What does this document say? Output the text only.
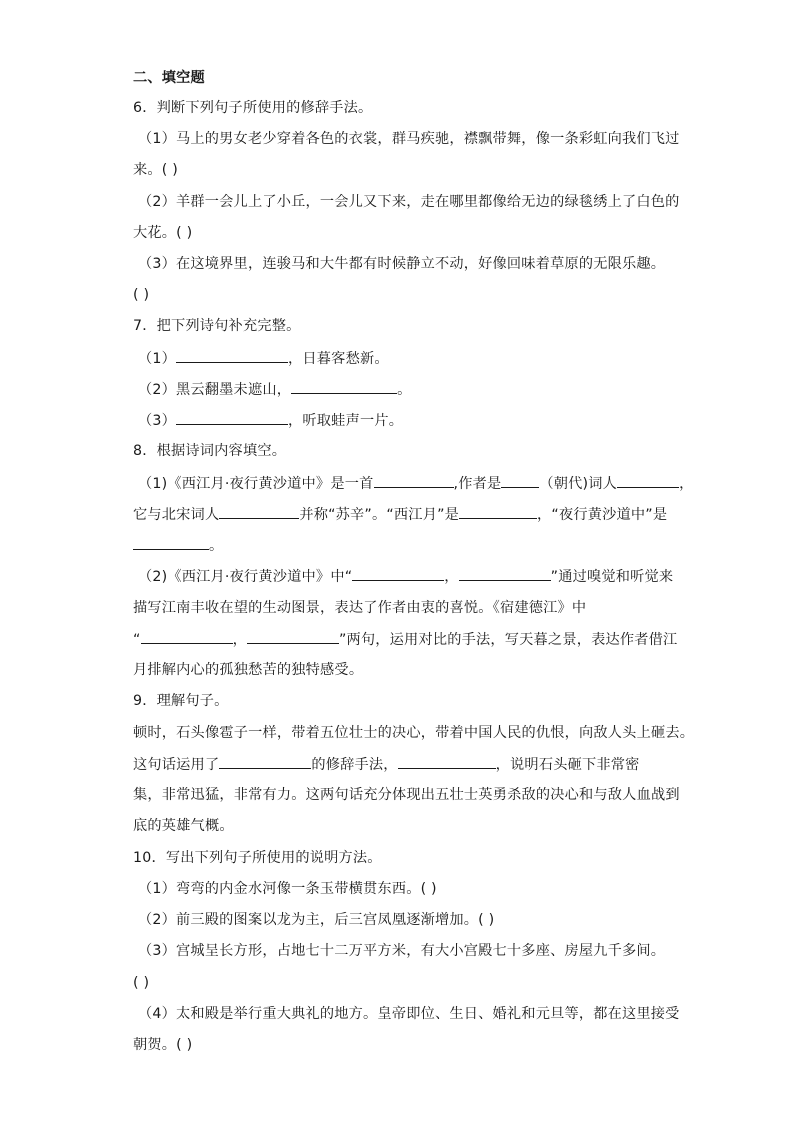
二、填空题
6．判断下列句子所使用的修辞手法。
（1）马上的男女老少穿着各色的衣裳，群马疾驰，襟飘带舞，像一条彩虹向我们飞过
来。( )
（2）羊群一会儿上了小丘，一会儿又下来，走在哪里都像给无边的绿毯绣上了白色的
大花。( )
（3）在这境界里，连骏马和大牛都有时候静立不动，好像回味着草原的无限乐趣。
( )
7．把下列诗句补充完整。
（1）	，日暮客愁新。
（2）黑云翻墨未遮山，	。
（3）	，听取蛙声一片。
8．根据诗词内容填空。
（1)《西江月·夜行黄沙道中》是一首	,作者是	（朝代)词人	，
它与北宋词人	并称“苏辛”。“西江月”是	，“夜行黄沙道中”是
。
（2)《西江月·夜行黄沙道中》中“	，	”通过嗅觉和听觉来
描写江南丰收在望的生动图景，表达了作者由衷的喜悦。《宿建德江》中
“	，	”两句，运用对比的手法，写天暮之景，表达作者借江
月排解内心的孤独愁苦的独特感受。
9．理解句子。
顿时，石头像雹子一样，带着五位壮士的决心，带着中国人民的仇恨，向敌人头上砸去。
这句话运用了	的修辞手法，	，说明石头砸下非常密
集，非常迅猛，非常有力。这两句话充分体现出五壮士英勇杀敌的决心和与敌人血战到
底的英雄气概。
10．写出下列句子所使用的说明方法。
（1）弯弯的内金水河像一条玉带横贯东西。( )
（2）前三殿的图案以龙为主，后三宫凤凰逐渐增加。( )
（3）宫城呈长方形，占地七十二万平方米，有大小宫殿七十多座、房屋九千多间。
( )
（4）太和殿是举行重大典礼的地方。皇帝即位、生日、婚礼和元旦等，都在这里接受
朝贺。( )
